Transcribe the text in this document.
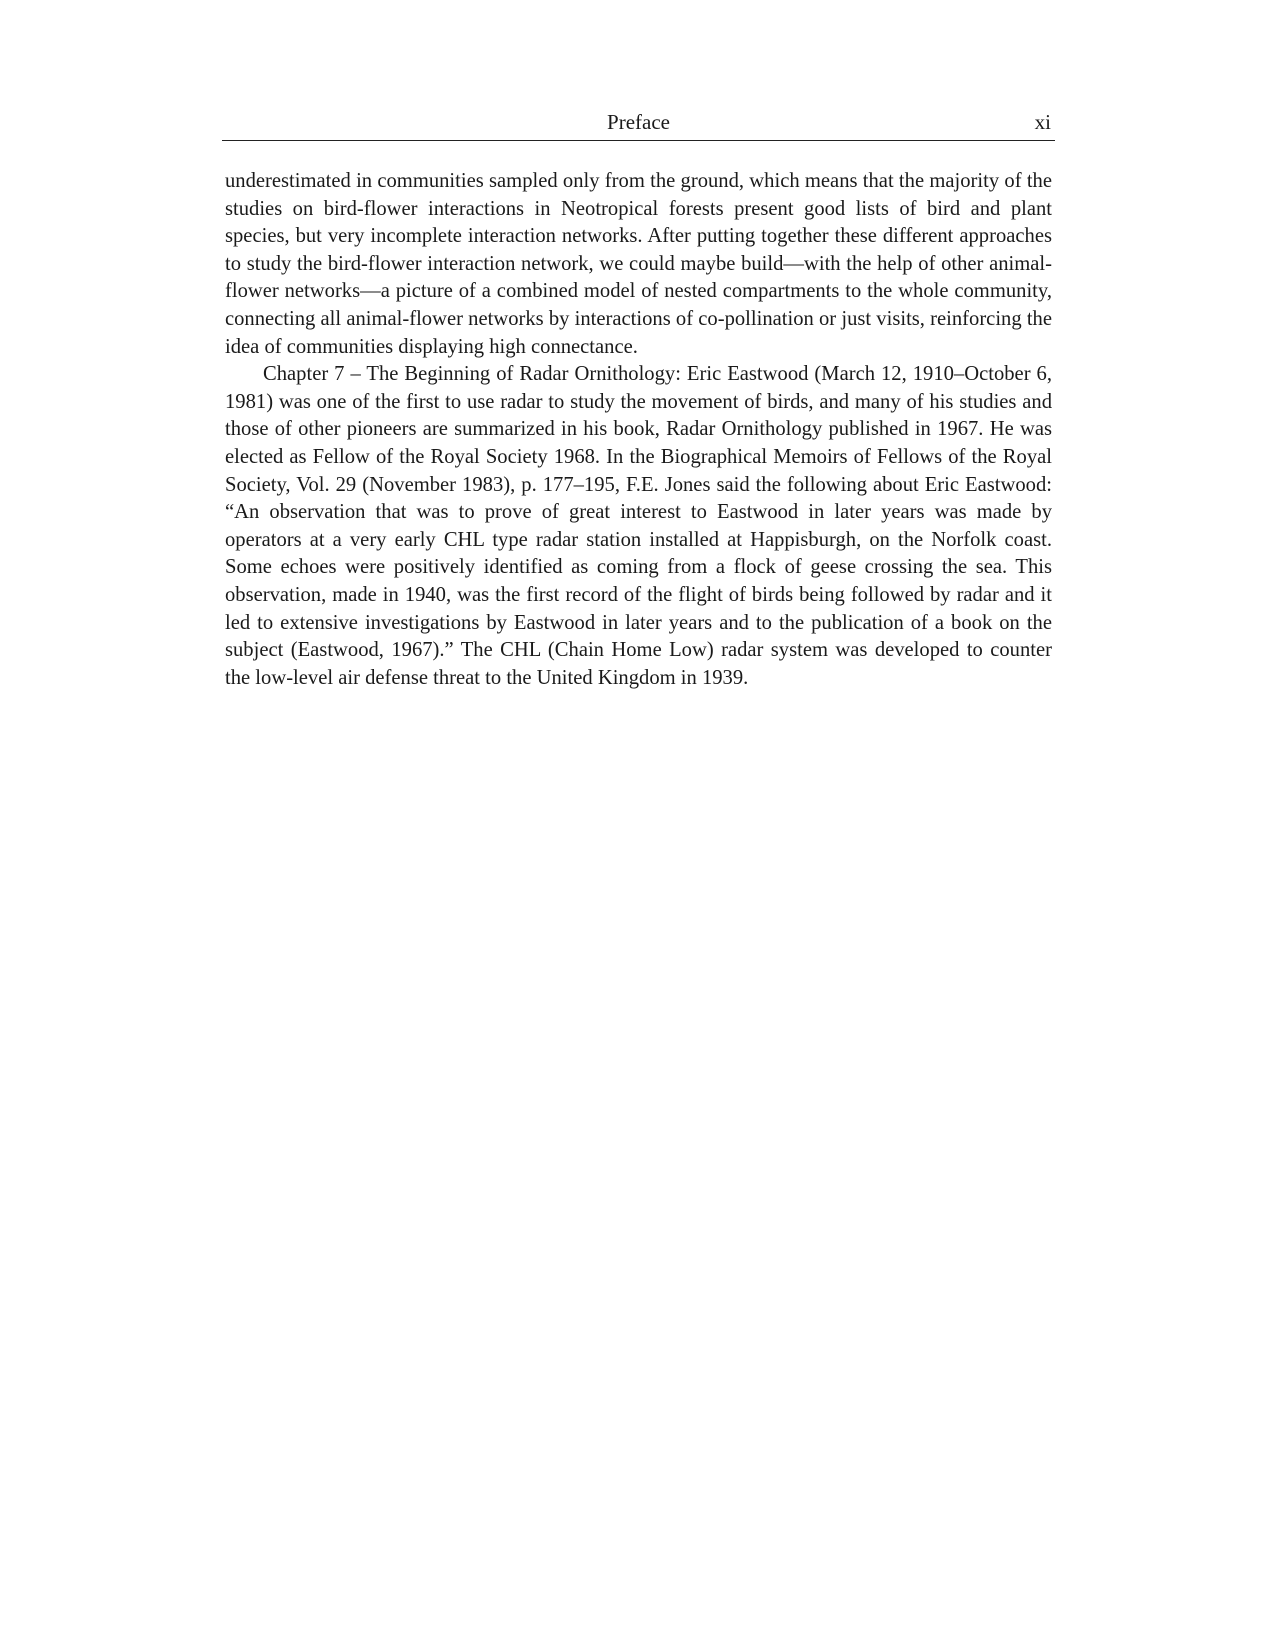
Preface	xi

underestimated in communities sampled only from the ground, which means that the majority of the studies on bird-flower interactions in Neotropical forests present good lists of bird and plant species, but very incomplete interaction networks. After putting together these different approaches to study the bird-flower interaction network, we could maybe build—with the help of other animal-flower networks—a picture of a combined model of nested compartments to the whole community, connecting all animal-flower networks by interactions of co-pollination or just visits, reinforcing the idea of communities displaying high connectance.

Chapter 7 – The Beginning of Radar Ornithology: Eric Eastwood (March 12, 1910–October 6, 1981) was one of the first to use radar to study the movement of birds, and many of his studies and those of other pioneers are summarized in his book, Radar Ornithology published in 1967. He was elected as Fellow of the Royal Society 1968. In the Biographical Memoirs of Fellows of the Royal Society, Vol. 29 (November 1983), p. 177–195, F.E. Jones said the following about Eric Eastwood: “An observation that was to prove of great interest to Eastwood in later years was made by operators at a very early CHL type radar station installed at Happisburgh, on the Norfolk coast. Some echoes were positively identified as coming from a flock of geese crossing the sea. This observation, made in 1940, was the first record of the flight of birds being followed by radar and it led to extensive investigations by Eastwood in later years and to the publication of a book on the subject (Eastwood, 1967).” The CHL (Chain Home Low) radar system was developed to counter the low-level air defense threat to the United Kingdom in 1939.
